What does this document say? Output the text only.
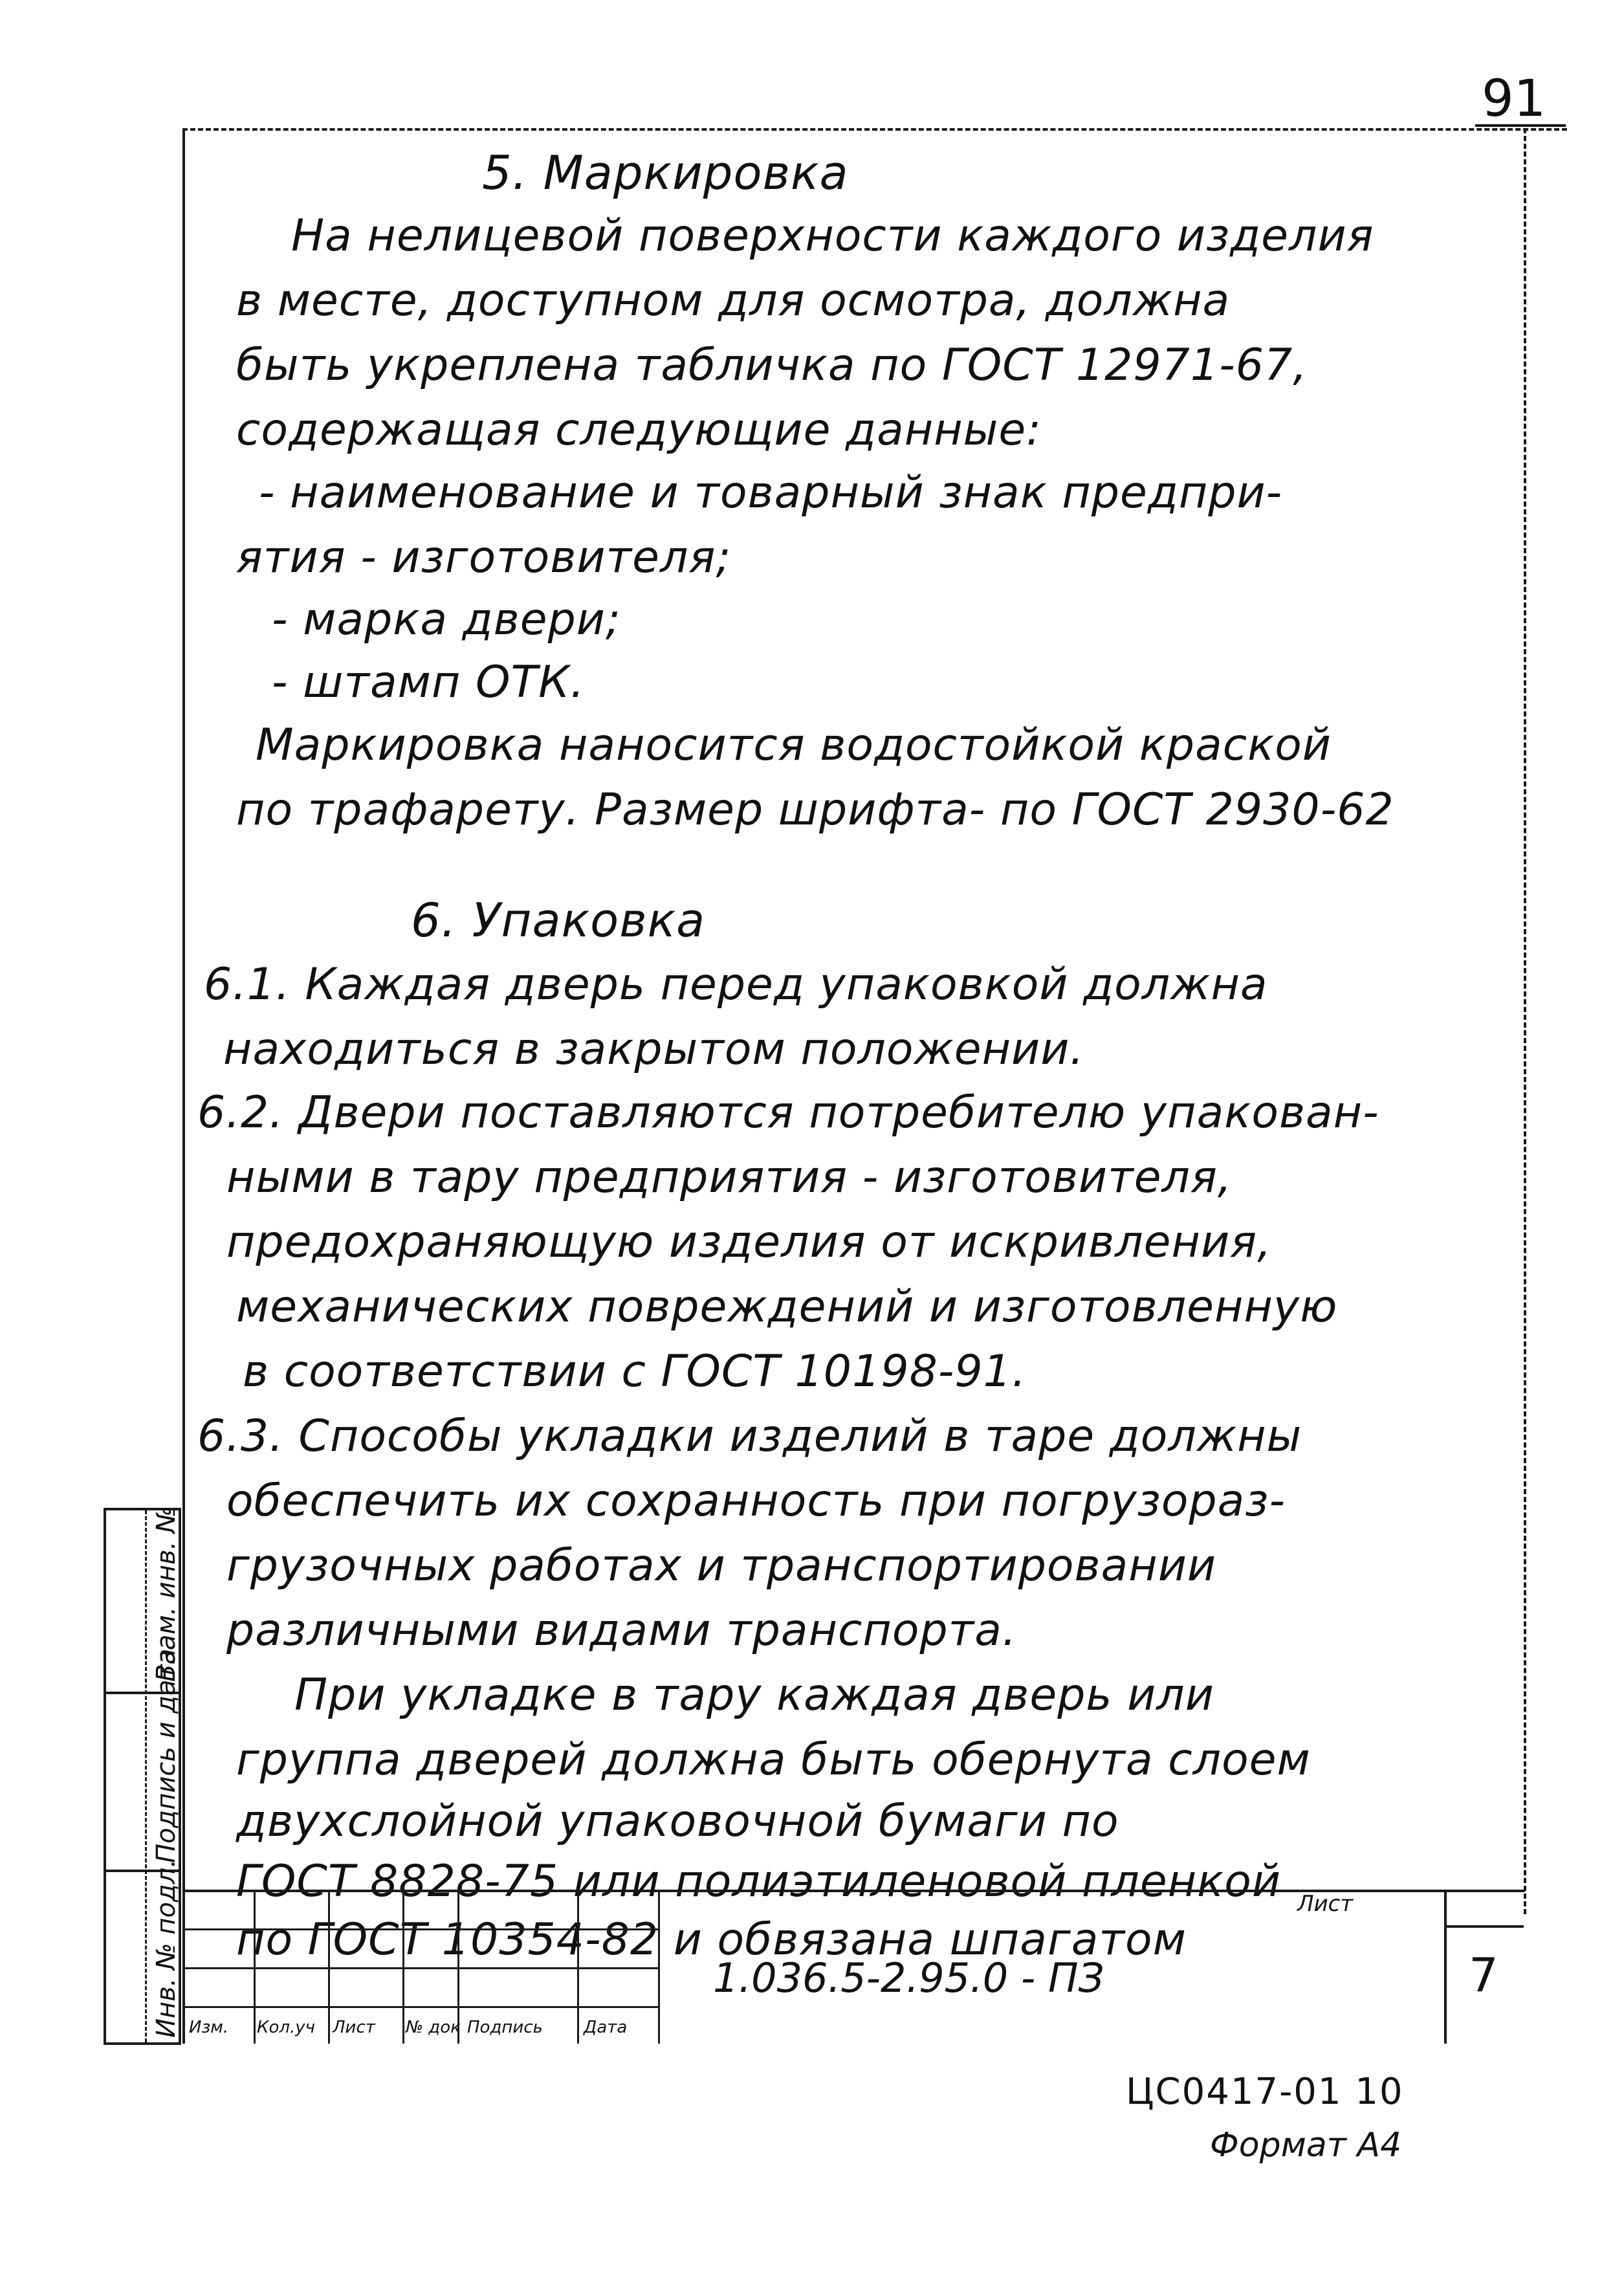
91
5. Маркировка
На нелицевой поверхности каждого изделия
в месте, доступном для осмотра, должна
быть укреплена табличка по ГОСТ 12971-67,
содержащая следующие данные:
- наименование и товарный знак предпри-
ятия - изготовителя;
- марка двери;
- штамп ОТК.
Маркировка наносится водостойкой краской
по трафарету. Размер шрифта- по ГОСТ 2930-62
6. Упаковка
6.1. Каждая дверь перед упаковкой должна
находиться в закрытом положении.
6.2. Двери поставляются потребителю упакован-
ными в тару предприятия - изготовителя,
предохраняющую изделия от искривления,
механических повреждений и изготовленную
в соответствии с ГОСТ 10198-91.
6.3. Способы укладки изделий в таре должны
обеспечить их сохранность при погрузораз-
грузочных работах и транспортировании
различными видами транспорта.
При укладке в тару каждая дверь или
группа дверей должна быть обернута слоем
двухслойной упаковочной бумаги по
ГОСТ 8828-75 или полиэтиленовой пленкой
по ГОСТ 10354-82 и обвязана шпагатом
Взам. инв. №
Подпись и дата
Инв. № подл. Изм. Кол.уч Лист № док Подпись Дата
1.036.5-2.95.0 - ПЗ
Лист
7
ЦС0417-01 10
Формат А4
